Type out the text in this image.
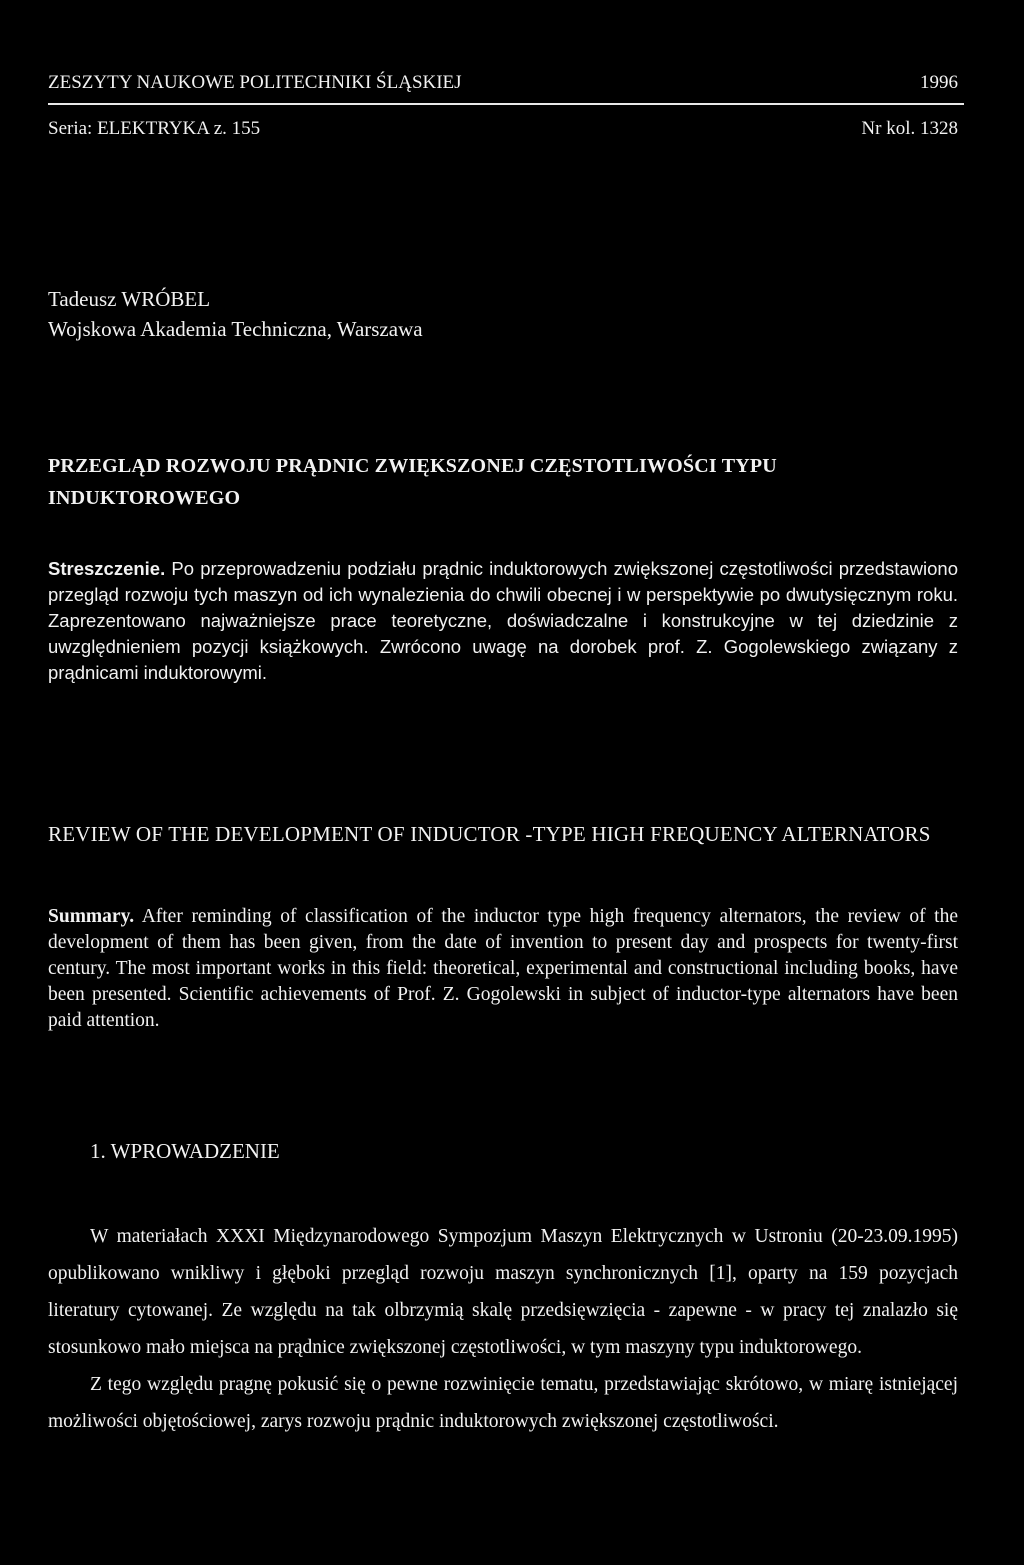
ZESZYTY NAUKOWE POLITECHNIKI ŚLĄSKIEJ	1996
Seria: ELEKTRYKA z. 155	Nr kol. 1328
Tadeusz WRÓBEL
Wojskowa Akademia Techniczna, Warszawa
PRZEGLĄD ROZWOJU PRĄDNIC ZWIĘKSZONEJ CZĘSTOTLIWOŚCI TYPU INDUKTOROWEGO
Streszczenie. Po przeprowadzeniu podziału prądnic induktorowych zwiększonej częstotliwości przedstawiono przegląd rozwoju tych maszyn od ich wynalezienia do chwili obecnej i w perspektywie po dwutysięcznym roku. Zaprezentowano najważniejsze prace teoretyczne, doświadczalne i konstrukcyjne w tej dziedzinie z uwzględnieniem pozycji książkowych. Zwrócono uwagę na dorobek prof. Z. Gogolewskiego związany z prądnicami induktorowymi.
REVIEW OF THE DEVELOPMENT OF INDUCTOR -TYPE HIGH FREQUENCY ALTERNATORS
Summary. After reminding of classification of the inductor type high frequency alternators, the review of the development of them has been given, from the date of invention to present day and prospects for twenty-first century. The most important works in this field: theoretical, experimental and constructional including books, have been presented. Scientific achievements of Prof. Z. Gogolewski in subject of inductor-type alternators have been paid attention.
1. WPROWADZENIE

W materiałach XXXI Międzynarodowego Sympozjum Maszyn Elektrycznych w Ustroniu (20-23.09.1995) opublikowano wnikliwy i głęboki przegląd rozwoju maszyn synchronicznych [1], oparty na 159 pozycjach literatury cytowanej. Ze względu na tak olbrzymią skalę przedsięwzięcia - zapewne - w pracy tej znalazło się stosunkowo mało miejsca na prądnice zwiększonej częstotliwości, w tym maszyny typu induktorowego.

Z tego względu pragnę pokusić się o pewne rozwinięcie tematu, przedstawiając skrótowo, w miarę istniejącej możliwości objętościowej, zarys rozwoju prądnic induktorowych zwiększonej częstotliwości.
